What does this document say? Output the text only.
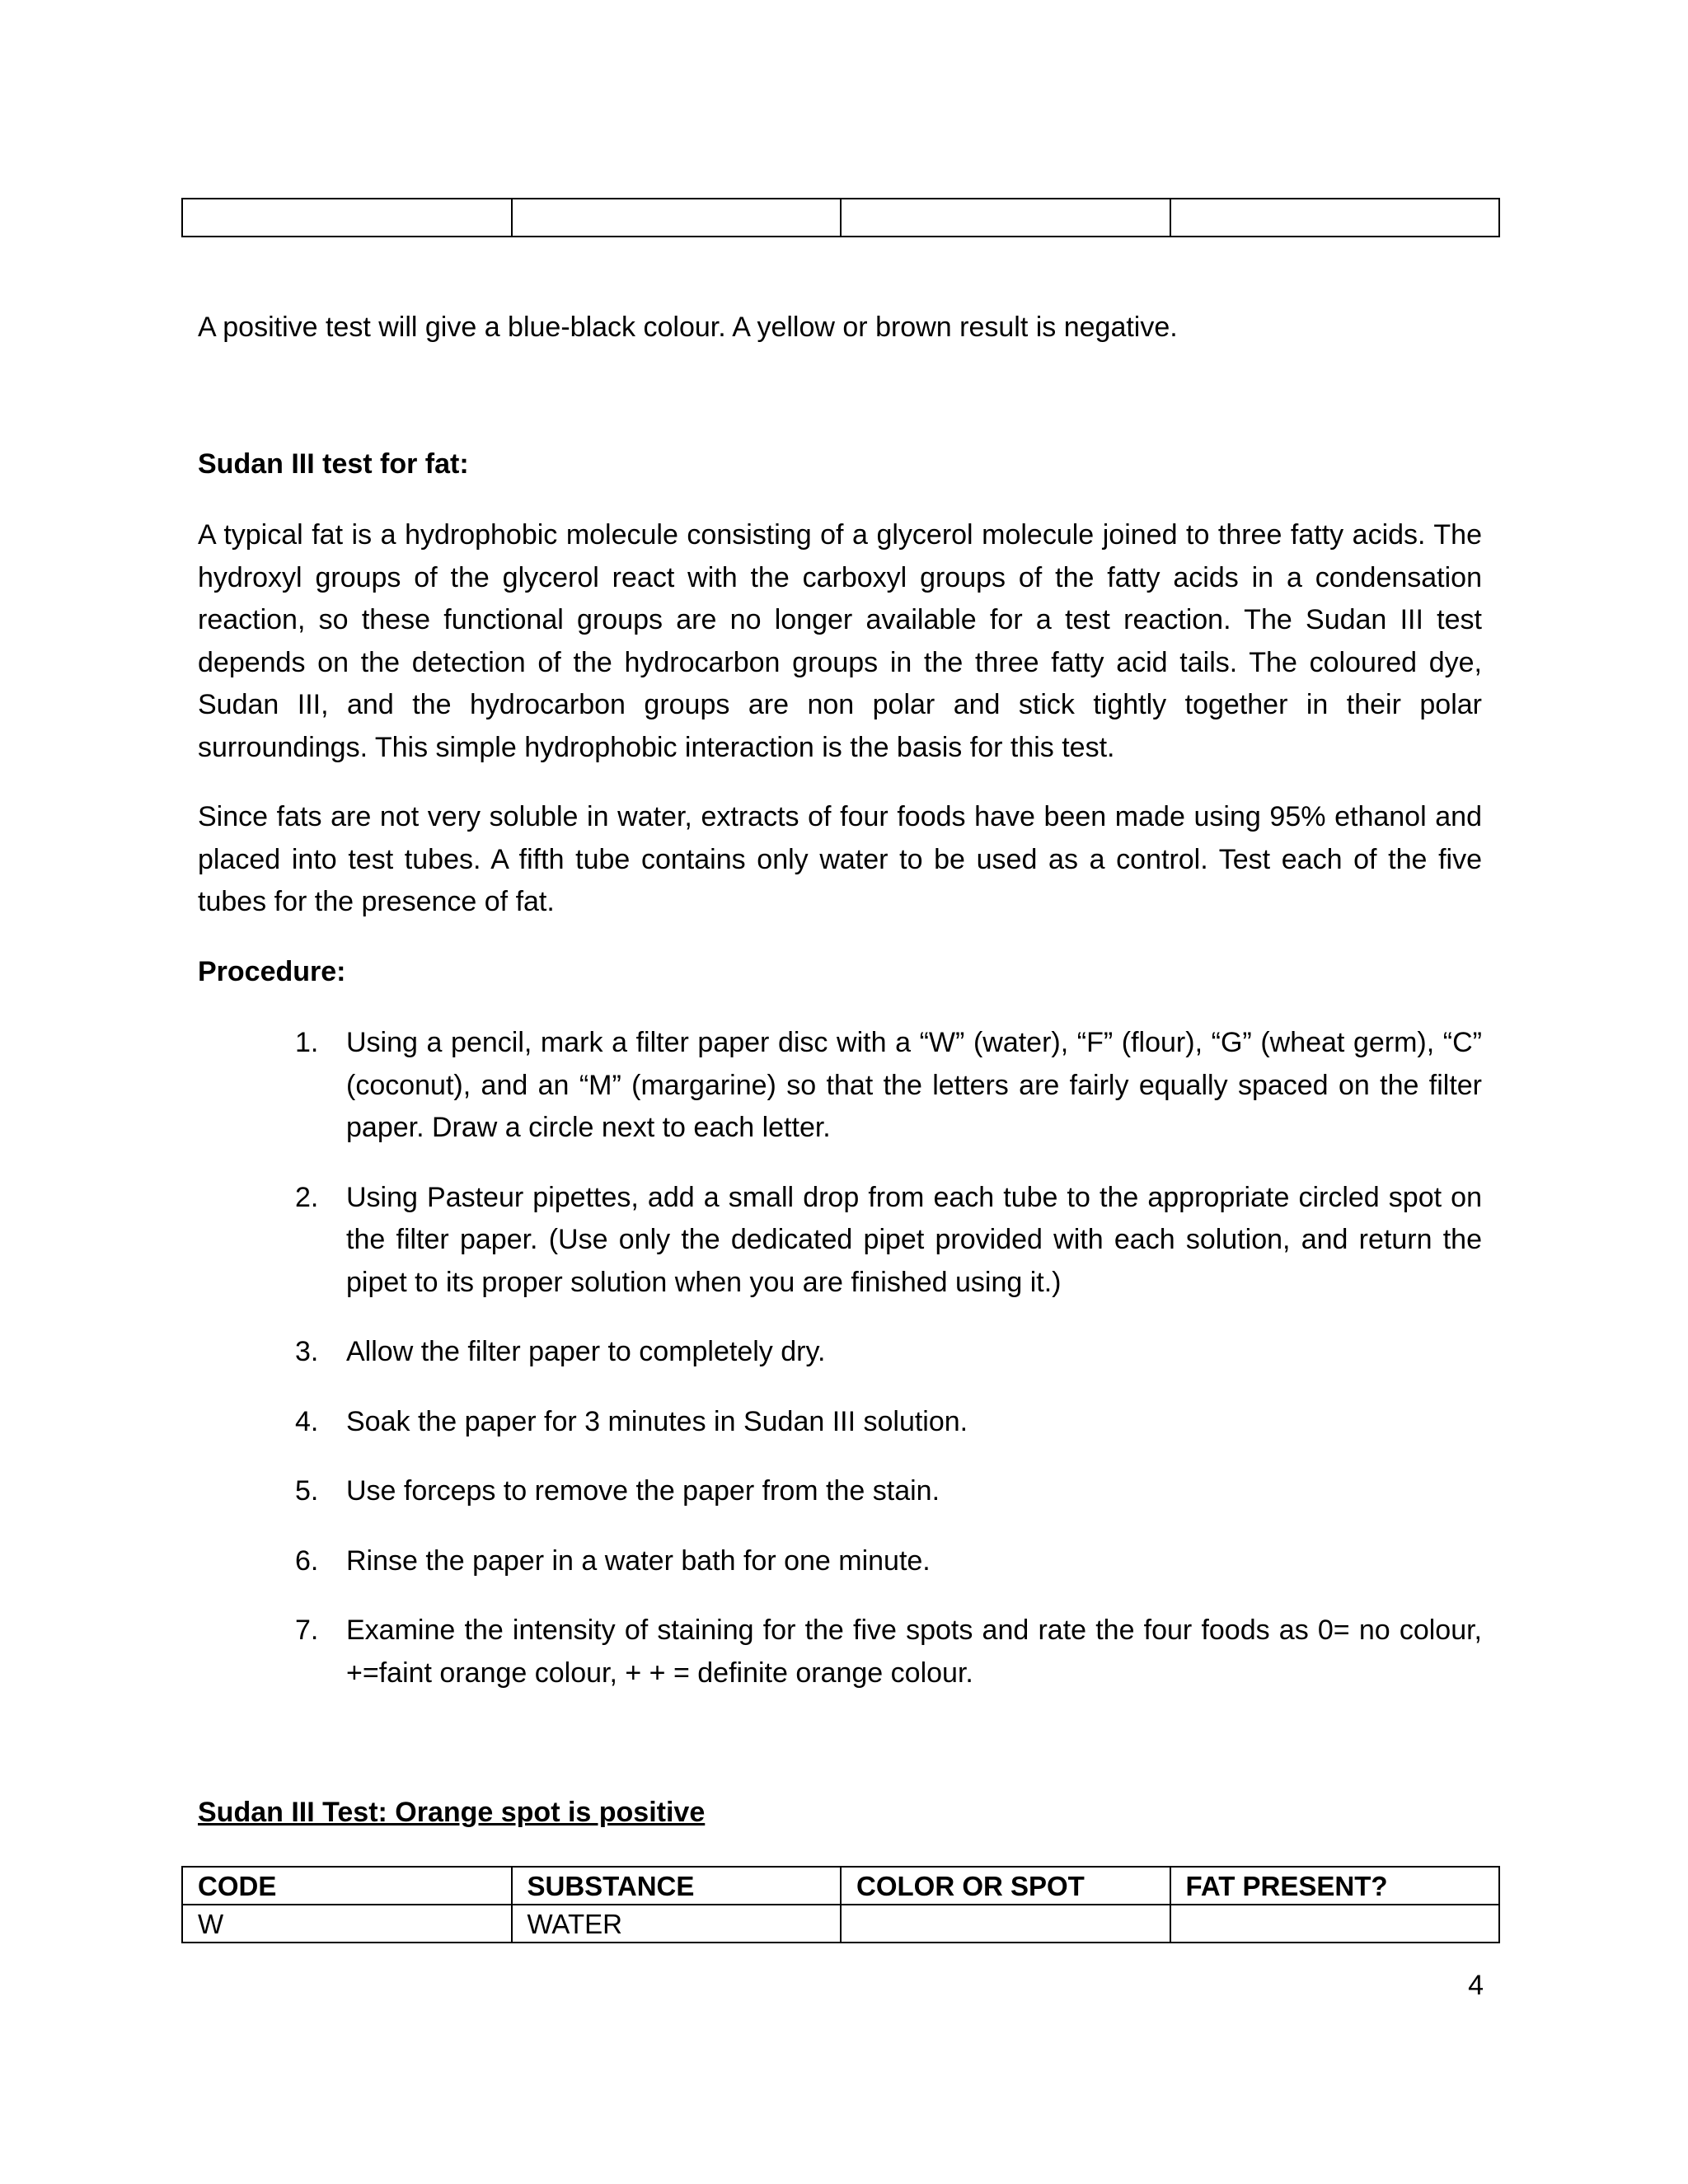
A positive test will give a blue-black colour. A yellow or brown result is negative.

Sudan III test for fat:

A typical fat is a hydrophobic molecule consisting of a glycerol molecule joined to three fatty acids. The hydroxyl groups of the glycerol react with the carboxyl groups of the fatty acids in a condensation reaction, so these functional groups are no longer available for a test reaction. The Sudan III test depends on the detection of the hydrocarbon groups in the three fatty acid tails. The coloured dye, Sudan III, and the hydrocarbon groups are non polar and stick tightly together in their polar surroundings. This simple hydrophobic interaction is the basis for this test.

Since fats are not very soluble in water, extracts of four foods have been made using 95% ethanol and placed into test tubes. A fifth tube contains only water to be used as a control. Test each of the five tubes for the presence of fat.

Procedure:

1. Using a pencil, mark a filter paper disc with a “W” (water), “F” (flour), “G” (wheat germ), “C” (coconut), and an “M” (margarine) so that the letters are fairly equally spaced on the filter paper. Draw a circle next to each letter.
2. Using Pasteur pipettes, add a small drop from each tube to the appropriate circled spot on the filter paper. (Use only the dedicated pipet provided with each solution, and return the pipet to its proper solution when you are finished using it.)
3. Allow the filter paper to completely dry.
4. Soak the paper for 3 minutes in Sudan III solution.
5. Use forceps to remove the paper from the stain.
6. Rinse the paper in a water bath for one minute.
7. Examine the intensity of staining for the five spots and rate the four foods as 0= no colour, +=faint orange colour, + + = definite orange colour.

Sudan III Test: Orange spot is positive

CODE	SUBSTANCE	COLOR OR SPOT	FAT PRESENT?
W	WATER		
4
